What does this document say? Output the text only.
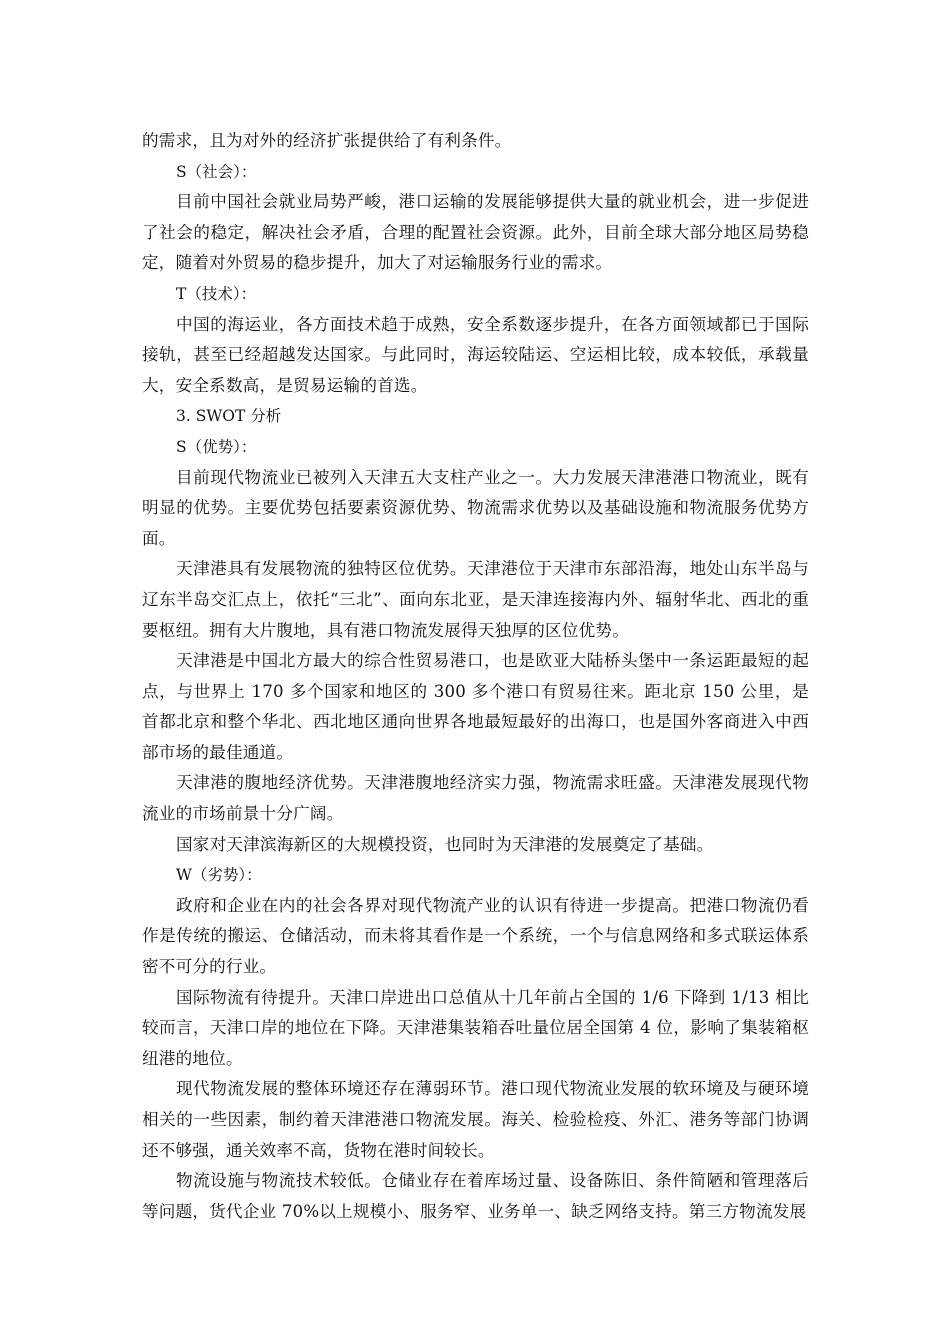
的需求，且为对外的经济扩张提供给了有利条件。

S（社会）：

目前中国社会就业局势严峻，港口运输的发展能够提供大量的就业机会，进一步促进了社会的稳定，解决社会矛盾，合理的配置社会资源。此外，目前全球大部分地区局势稳定，随着对外贸易的稳步提升，加大了对运输服务行业的需求。

T（技术）：

中国的海运业，各方面技术趋于成熟，安全系数逐步提升，在各方面领域都已于国际接轨，甚至已经超越发达国家。与此同时，海运较陆运、空运相比较，成本较低，承载量大，安全系数高，是贸易运输的首选。

3. SWOT 分析

S（优势）：

目前现代物流业已被列入天津五大支柱产业之一。大力发展天津港港口物流业，既有明显的优势。主要优势包括要素资源优势、物流需求优势以及基础设施和物流服务优势方面。

天津港具有发展物流的独特区位优势。天津港位于天津市东部沿海，地处山东半岛与辽东半岛交汇点上，依托“三北”、面向东北亚，是天津连接海内外、辐射华北、西北的重要枢纽。拥有大片腹地，具有港口物流发展得天独厚的区位优势。

天津港是中国北方最大的综合性贸易港口，也是欧亚大陆桥头堡中一条运距最短的起点，与世界上 170 多个国家和地区的 300 多个港口有贸易往来。距北京 150 公里，是首都北京和整个华北、西北地区通向世界各地最短最好的出海口，也是国外客商进入中西部市场的最佳通道。

天津港的腹地经济优势。天津港腹地经济实力强，物流需求旺盛。天津港发展现代物流业的市场前景十分广阔。

国家对天津滨海新区的大规模投资，也同时为天津港的发展奠定了基础。

W（劣势）：

政府和企业在内的社会各界对现代物流产业的认识有待进一步提高。把港口物流仍看作是传统的搬运、仓储活动，而未将其看作是一个系统，一个与信息网络和多式联运体系密不可分的行业。

国际物流有待提升。天津口岸进出口总值从十几年前占全国的 1/6 下降到 1/13 相比较而言，天津口岸的地位在下降。天津港集装箱吞吐量位居全国第 4 位，影响了集装箱枢纽港的地位。

现代物流发展的整体环境还存在薄弱环节。港口现代物流业发展的软环境及与硬环境相关的一些因素，制约着天津港港口物流发展。海关、检验检疫、外汇、港务等部门协调还不够强，通关效率不高，货物在港时间较长。

物流设施与物流技术较低。仓储业存在着库场过量、设备陈旧、条件简陋和管理落后等问题，货代企业 70%以上规模小、服务窄、业务单一、缺乏网络支持。第三方物流发展
